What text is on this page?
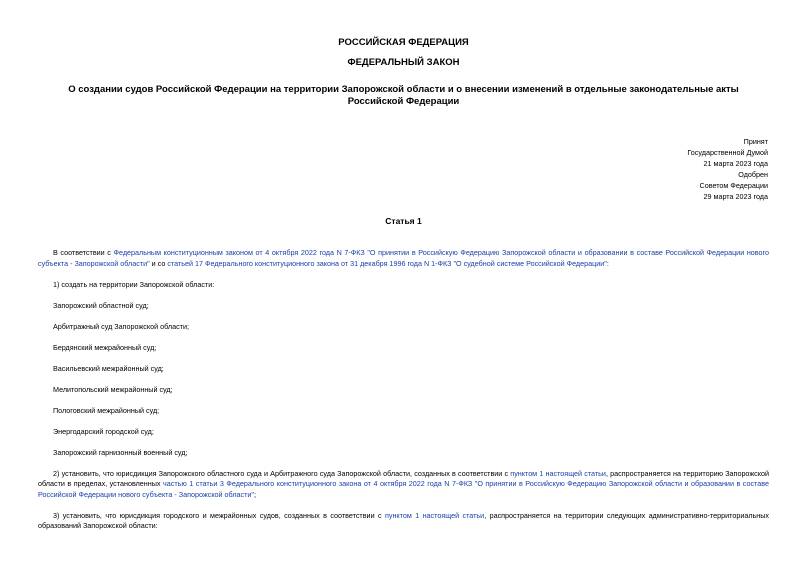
РОССИЙСКАЯ ФЕДЕРАЦИЯ
ФЕДЕРАЛЬНЫЙ ЗАКОН
О создании судов Российской Федерации на территории Запорожской области и о внесении изменений в отдельные законодательные акты Российской Федерации
Принят
Государственной Думой
21 марта 2023 года
Одобрен
Советом Федерации
29 марта 2023 года
Статья 1

В соответствии с Федеральным конституционным законом от 4 октября 2022 года N 7-ФКЗ "О принятии в Российскую Федерацию Запорожской области и образовании в составе Российской Федерации нового субъекта - Запорожской области" и со статьей 17 Федерального конституционного закона от 31 декабря 1996 года N 1-ФКЗ "О судебной системе Российской Федерации":

1) создать на территории Запорожской области:

Запорожский областной суд;

Арбитражный суд Запорожской области;

Бердянский межрайонный суд;

Васильевский межрайонный суд;

Мелитопольский межрайонный суд;

Пологовский межрайонный суд;

Энергодарский городской суд;

Запорожский гарнизонный военный суд;

2) установить, что юрисдикция Запорожского областного суда и Арбитражного суда Запорожской области, созданных в соответствии с пунктом 1 настоящей статьи, распространяется на территорию Запорожской области в пределах, установленных частью 1 статьи 3 Федерального конституционного закона от 4 октября 2022 года N 7-ФКЗ "О принятии в Российскую Федерацию Запорожской области и образовании в составе Российской Федерации нового субъекта - Запорожской области";

3) установить, что юрисдикция городского и межрайонных судов, созданных в соответствии с пунктом 1 настоящей статьи, распространяется на территории следующих административно-территориальных образований Запорожской области:
